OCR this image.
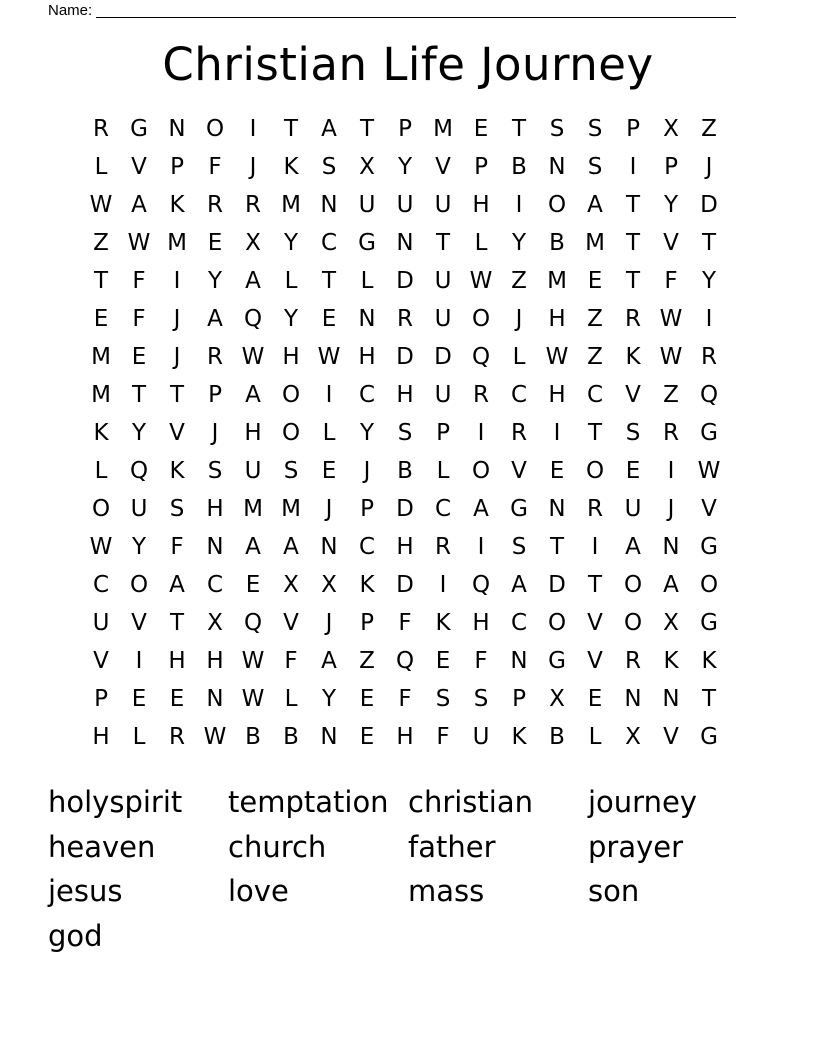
Name:
Christian Life Journey
R G N O	I	T	A	T	P M E	T	S	S	P	X Z
L	V	P	F	J	K	S X	Y	V	P	B N S	I	P	J
W A K R R M N U U U H	I	O A	T	Y D
Z W M E X	Y C G N T	L	Y	B M T	V	T
T	F	I	Y	A	L	T	L D U W Z M E	T	F	Y
E	F	J	A Q Y	E N R U O	J	H Z R W	I
M E	J	R W H W H D D Q L W Z K W R
M T	T	P	A O	I	C H U R C H C V Z Q
K	Y	V	J	H O L	Y	S	P	I	R	I	T	S R G
L Q K	S U S	E	J	B	L O V E O E	I	W
O U S H M M	J	P D C A G N R U	J	V
W Y	F N A A N C H R	I	S	T	I	A N G
C O A C E X X K D	I	Q A D T O A O
U V	T	X Q V	J	P	F	K H C O V O X G
V	I	H H W F	A Z Q E	F N G V R K K
P	E	E N W L	Y	E	F	S	S	P	X E N N T
H L	R W B B N E H F U K B	L	X V G
holyspirit temptation christian journey
heaven	church	father	prayer
jesus	love	mass	son
god
